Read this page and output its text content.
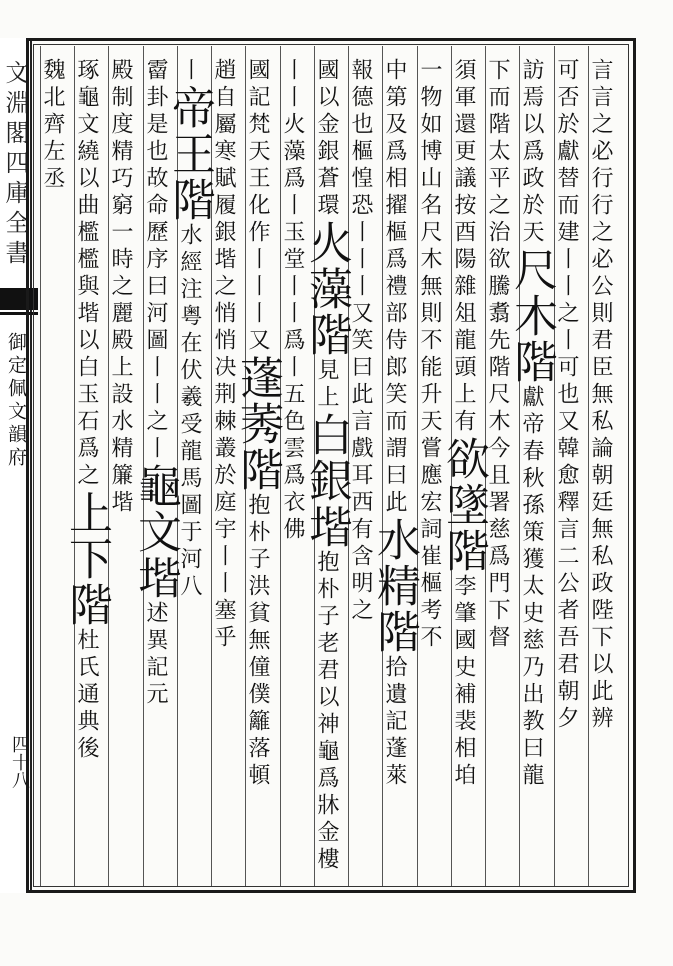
文淵閣四庫全書
御定佩文韻府
四十八
言言之必行行之必公則君臣無私論朝廷無私政陛下以此辨
可否於獻替而建丨丨之丨可也又韓愈釋言二公者吾君朝夕
訪焉以爲政於天尺木階獻帝春秋孫策獲太史慈乃出教曰龍
下而階太平之治欲騰翥先階尺木今且署慈爲門下督
須軍還更議按酉陽雜俎龍頭上有欲墜階李肇國史補裴相垍
一物如博山名尺木無則不能升天嘗應宏詞崔樞考不
中第及爲相擢樞爲禮部侍郎笑而謂曰此水精階拾遺記蓬萊
報德也樞惶恐丨丨丨又笑曰此言戲耳西有含明之
國以金銀蒼環火藻階見上白銀堦抱朴子老君以神龜爲牀金樓
丨丨火藻爲丨玉堂丨丨爲丨五色雲爲衣佛
國記梵天王化作丨丨丨又蓬莠階抱朴子洪貧無僮僕籬落頓
趙自屬寒賦履銀堦之悄悄决荆棘叢於庭宇丨丨塞乎
丨帝王階水經注粤在伏羲受龍馬圖于河八
霤卦是也故命歷序曰河圖丨丨之丨龜文堦述異記元
殿制度精巧窮一時之麗殿上設水精簾堦
琢龜文繞以曲檻檻與堦以白玉石爲之上下階杜氏通典後
魏北齊左丞
